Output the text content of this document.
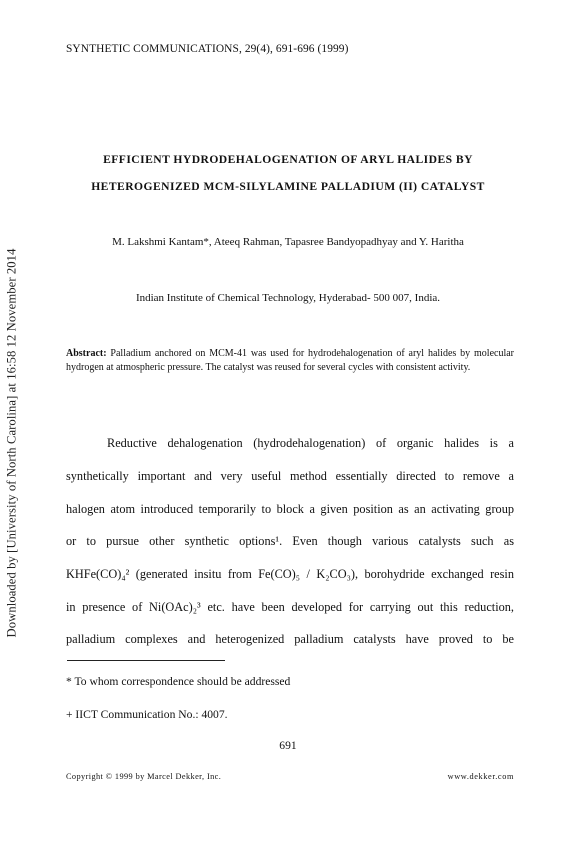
Downloaded by [University of North Carolina] at 16:58 12 November 2014
SYNTHETIC COMMUNICATIONS, 29(4), 691-696 (1999)
EFFICIENT HYDRODEHALOGENATION OF ARYL HALIDES BY
HETEROGENIZED MCM-SILYLAMINE PALLADIUM (II) CATALYST
M. Lakshmi Kantam*, Ateeq Rahman, Tapasree Bandyopadhyay and Y. Haritha
Indian Institute of Chemical Technology, Hyderabad- 500 007, India.
Abstract: Palladium anchored on MCM-41 was used for hydrodehalogenation of aryl halides by molecular hydrogen at atmospheric pressure. The catalyst was reused for several cycles with consistent activity.
Reductive dehalogenation (hydrodehalogenation) of organic halides is a
synthetically important and very useful method essentially directed to remove a
halogen atom introduced temporarily to block a given position as an activating group
or to pursue other synthetic options¹. Even though various catalysts such as
KHFe(CO)₄² (generated insitu from Fe(CO)₅ / K₂CO₃), borohydride exchanged resin
in presence of Ni(OAc)₂³ etc. have been developed for carrying out this reduction,
palladium complexes and heterogenized palladium catalysts have proved to be
* To whom correspondence should be addressed
+ IICT Communication No.: 4007.
691
Copyright © 1999 by Marcel Dekker, Inc.	www.dekker.com
